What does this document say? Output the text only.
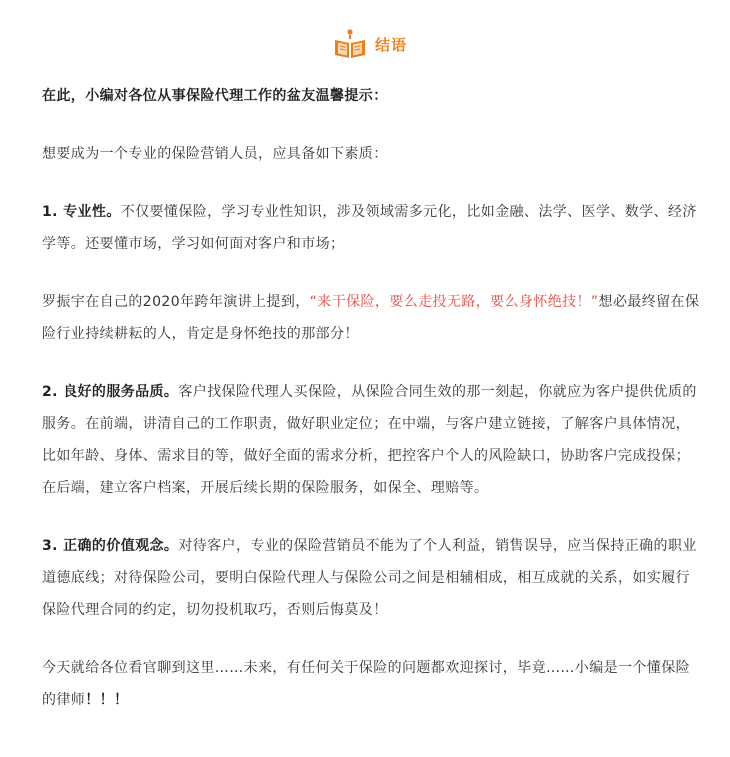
结语

在此，小编对各位从事保险代理工作的盆友温馨提示：

想要成为一个专业的保险营销人员，应具备如下素质：

1. 专业性。不仅要懂保险，学习专业性知识，涉及领域需多元化，比如金融、法学、医学、数学、经济学等。还要懂市场，学习如何面对客户和市场；

罗振宇在自己的2020年跨年演讲上提到，“来干保险，要么走投无路，要么身怀绝技！”想必最终留在保险行业持续耕耘的人，肯定是身怀绝技的那部分！

2. 良好的服务品质。客户找保险代理人买保险，从保险合同生效的那一刻起，你就应为客户提供优质的服务。在前端，讲清自己的工作职责，做好职业定位；在中端，与客户建立链接，了解客户具体情况，比如年龄、身体、需求目的等，做好全面的需求分析，把控客户个人的风险缺口，协助客户完成投保；在后端，建立客户档案，开展后续长期的保险服务，如保全、理赔等。

3. 正确的价值观念。对待客户，专业的保险营销员不能为了个人利益，销售误导，应当保持正确的职业道德底线；对待保险公司，要明白保险代理人与保险公司之间是相辅相成，相互成就的关系，如实履行保险代理合同的约定，切勿投机取巧，否则后悔莫及！

今天就给各位看官聊到这里……未来，有任何关于保险的问题都欢迎探讨，毕竟……小编是一个懂保险的律师！！！
